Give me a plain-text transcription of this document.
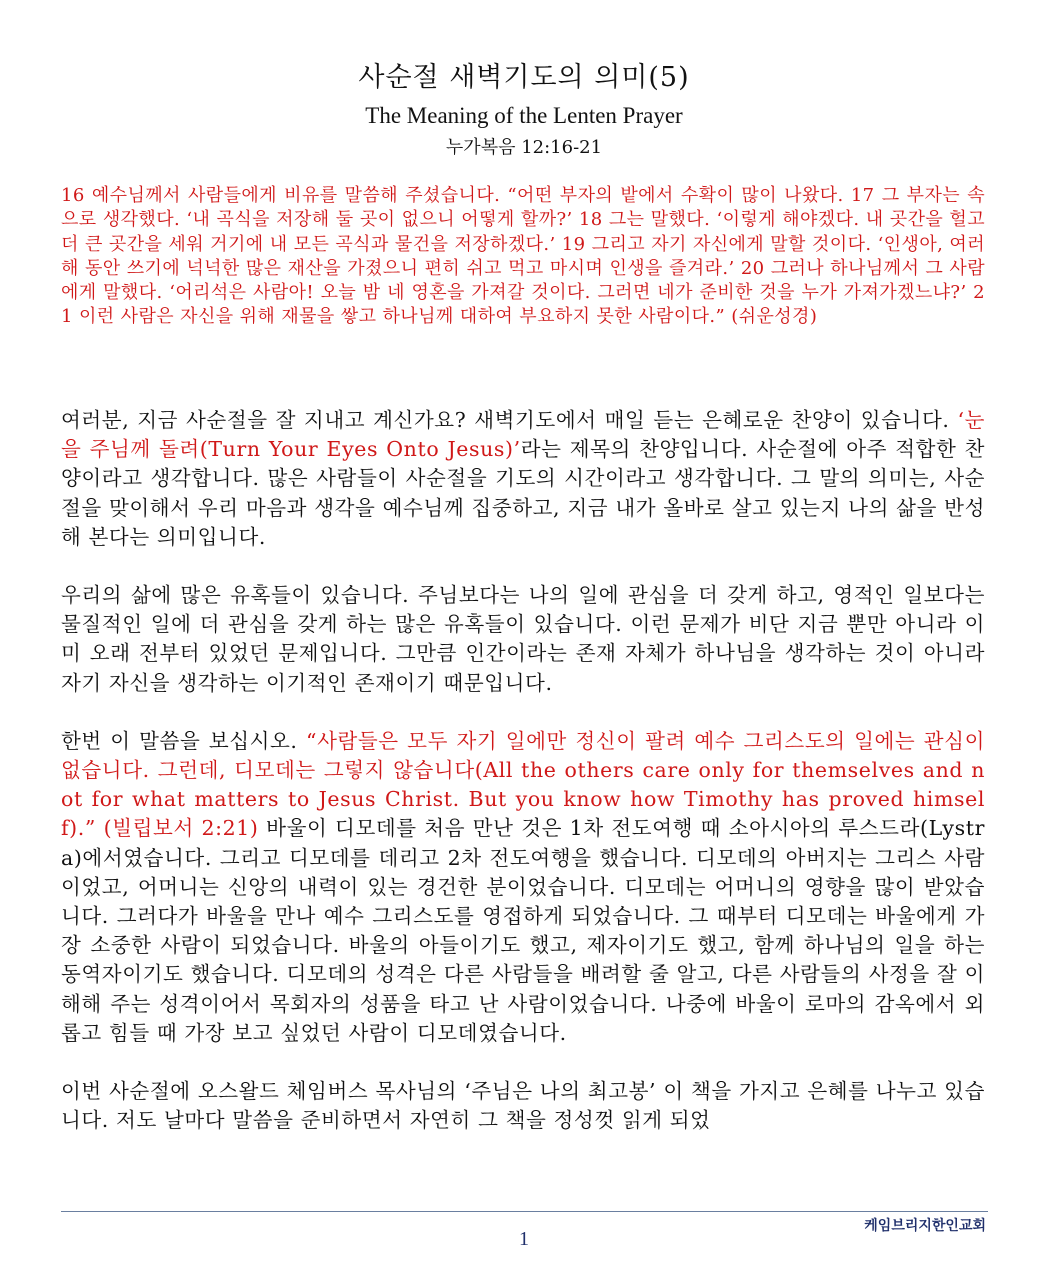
사순절 새벽기도의 의미(5)
The Meaning of the Lenten Prayer
누가복음 12:16-21

16 예수님께서 사람들에게 비유를 말씀해 주셨습니다. “어떤 부자의 밭에서 수확이 많이 나왔다. 17 그 부자는 속으로 생각했다. ‘내 곡식을 저장해 둘 곳이 없으니 어떻게 할까?’ 18 그는 말했다. ‘이렇게 해야겠다. 내 곳간을 헐고 더 큰 곳간을 세워 거기에 내 모든 곡식과 물건을 저장하겠다.’ 19 그리고 자기 자신에게 말할 것이다. ‘인생아, 여러 해 동안 쓰기에 넉넉한 많은 재산을 가졌으니 편히 쉬고 먹고 마시며 인생을 즐겨라.’ 20 그러나 하나님께서 그 사람에게 말했다. ‘어리석은 사람아! 오늘 밤 네 영혼을 가져갈 것이다. 그러면 네가 준비한 것을 누가 가져가겠느냐?’ 21 이런 사람은 자신을 위해 재물을 쌓고 하나님께 대하여 부요하지 못한 사람이다.” (쉬운성경)

여러분, 지금 사순절을 잘 지내고 계신가요? 새벽기도에서 매일 듣는 은혜로운 찬양이 있습니다. ‘눈을 주님께 돌려(Turn Your Eyes Onto Jesus)’라는 제목의 찬양입니다. 사순절에 아주 적합한 찬양이라고 생각합니다. 많은 사람들이 사순절을 기도의 시간이라고 생각합니다. 그 말의 의미는, 사순절을 맞이해서 우리 마음과 생각을 예수님께 집중하고, 지금 내가 올바로 살고 있는지 나의 삶을 반성해 본다는 의미입니다.

우리의 삶에 많은 유혹들이 있습니다. 주님보다는 나의 일에 관심을 더 갖게 하고, 영적인 일보다는 물질적인 일에 더 관심을 갖게 하는 많은 유혹들이 있습니다. 이런 문제가 비단 지금 뿐만 아니라 이미 오래 전부터 있었던 문제입니다. 그만큼 인간이라는 존재 자체가 하나님을 생각하는 것이 아니라 자기 자신을 생각하는 이기적인 존재이기 때문입니다.

한번 이 말씀을 보십시오. “사람들은 모두 자기 일에만 정신이 팔려 예수 그리스도의 일에는 관심이 없습니다. 그런데, 디모데는 그렇지 않습니다(All the others care only for themselves and not for what matters to Jesus Christ. But you know how Timothy has proved himself).” (빌립보서 2:21) 바울이 디모데를 처음 만난 것은 1차 전도여행 때 소아시아의 루스드라(Lystra)에서였습니다. 그리고 디모데를 데리고 2차 전도여행을 했습니다. 디모데의 아버지는 그리스 사람이었고, 어머니는 신앙의 내력이 있는 경건한 분이었습니다. 디모데는 어머니의 영향을 많이 받았습니다. 그러다가 바울을 만나 예수 그리스도를 영접하게 되었습니다. 그 때부터 디모데는 바울에게 가장 소중한 사람이 되었습니다. 바울의 아들이기도 했고, 제자이기도 했고, 함께 하나님의 일을 하는 동역자이기도 했습니다. 디모데의 성격은 다른 사람들을 배려할 줄 알고, 다른 사람들의 사정을 잘 이해해 주는 성격이어서 목회자의 성품을 타고 난 사람이었습니다. 나중에 바울이 로마의 감옥에서 외롭고 힘들 때 가장 보고 싶었던 사람이 디모데였습니다.

이번 사순절에 오스왈드 체임버스 목사님의 ‘주님은 나의 최고봉’ 이 책을 가지고 은혜를 나누고 있습니다. 저도 날마다 말씀을 준비하면서 자연히 그 책을 정성껏 읽게 되었

케임브리지한인교회
1
